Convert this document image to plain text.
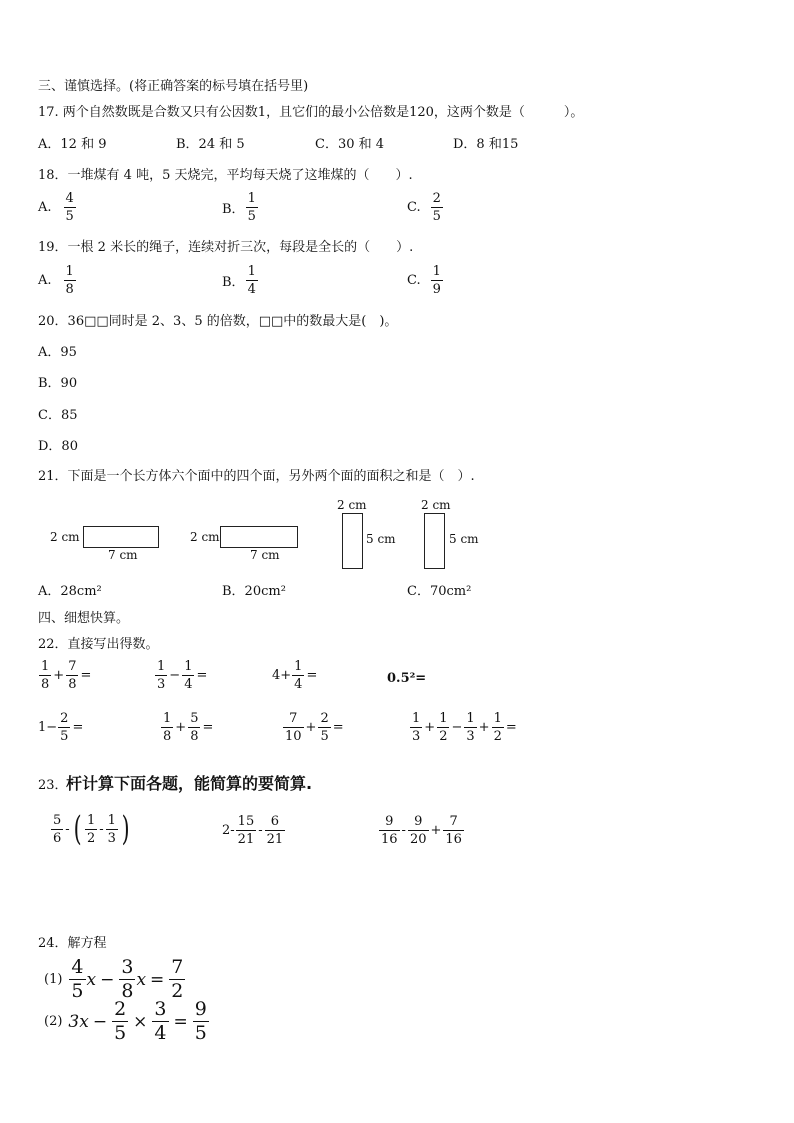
三、谨慎选择。(将正确答案的标号填在括号里)
17. 两个自然数既是合数又只有公因数1，且它们的最小公倍数是120，这两个数是（　　　）。
A．12 和 9	B．24 和 5	C．30 和 4	D．8 和15
18．一堆煤有 4 吨，5 天烧完，平均每天烧了这堆煤的（　　）.
A. $\frac{4}{5}$	B． $\frac{1}{5}$	C. $\frac{2}{5}$
19．一根 2 米长的绳子，连续对折三次，每段是全长的（　　）.
A. $\frac{1}{8}$	B． $\frac{1}{4}$	C. $\frac{1}{9}$
20．36□□同时是 2、3、5 的倍数，□□中的数最大是(　)。
A．95
B．90
C．85
D．80
21．下面是一个长方体六个面中的四个面，另外两个面的面积之和是（　）.
2 cm
7 cm
2 cm
7 cm
2 cm
5 cm
2 cm
5 cm
A．28cm²	B．20cm²	C．70cm²
四、细想快算。
22．直接写出得数。
$\frac{1}{8} + \frac{7}{8}$ =	$\frac{1}{3} - \frac{1}{4}$ =	$4+ \frac{1}{4}$ =	0.5²=
$1- \frac{2}{5}$ =	$\frac{1}{8} + \frac{5}{8}$ =	$\frac{7}{10} + \frac{2}{5}$ =	$\frac{1}{3} + \frac{1}{2} - \frac{1}{3} + \frac{1}{2}$ =
23．
杆计算下面各题，能简算的要简算.
$\frac{5}{6}$ - ( $\frac{1}{2} - \frac{1}{3}$ )	$2- \frac{15}{21} - \frac{6}{21}$	$\frac{9}{16} - \frac{9}{20} + \frac{7}{16}$
24．解方程
$(1) \frac{4}{5}$ $x - \frac{3}{8}$ $x = \frac{7}{2}$
(2) $3x - \frac{2}{5} \times \frac{3}{4} = \frac{9}{5}$
